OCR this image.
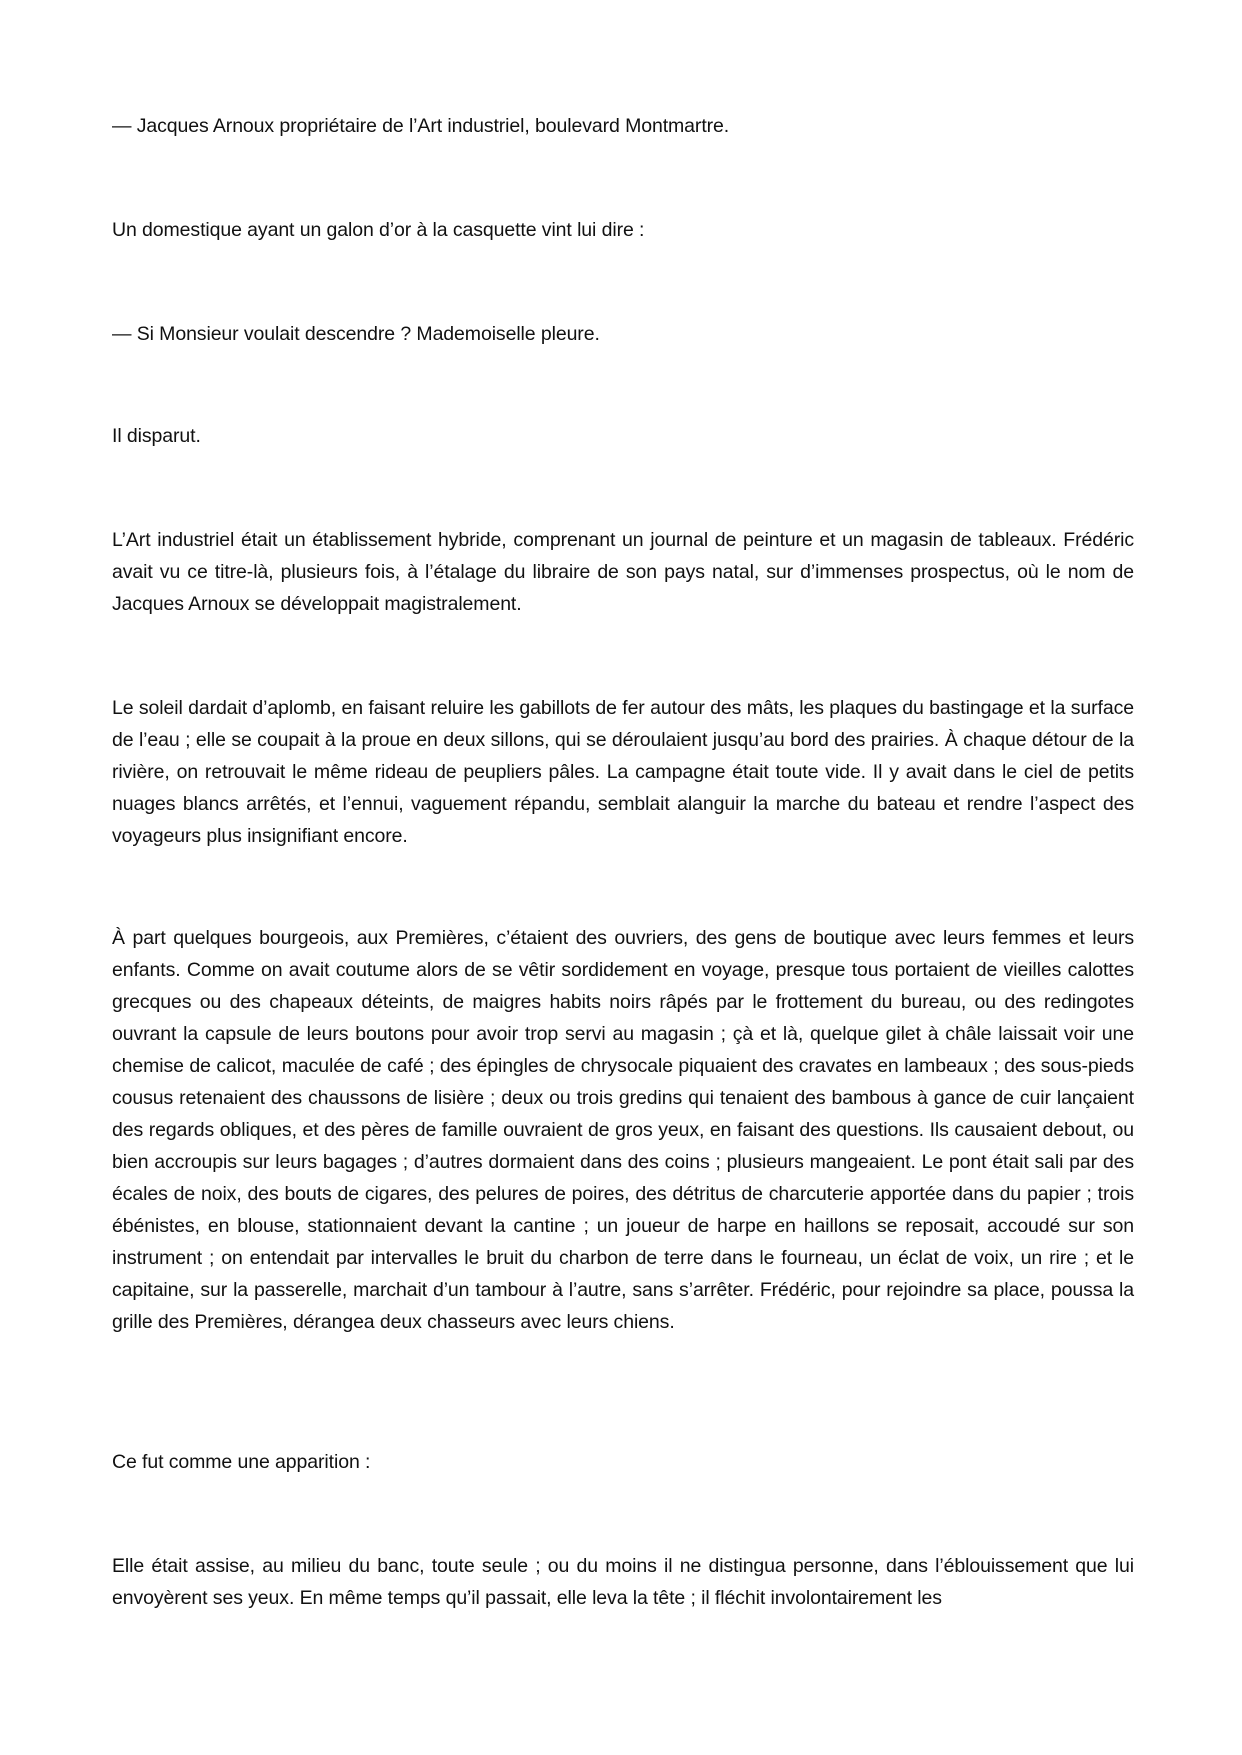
— Jacques Arnoux propriétaire de l’Art industriel, boulevard Montmartre.

Un domestique ayant un galon d’or à la casquette vint lui dire :

— Si Monsieur voulait descendre ? Mademoiselle pleure.

Il disparut.

L’Art industriel était un établissement hybride, comprenant un journal de peinture et un magasin de tableaux. Frédéric avait vu ce titre-là, plusieurs fois, à l’étalage du libraire de son pays natal, sur d’immenses prospectus, où le nom de Jacques Arnoux se développait magistralement.

Le soleil dardait d’aplomb, en faisant reluire les gabillots de fer autour des mâts, les plaques du bastingage et la surface de l’eau ; elle se coupait à la proue en deux sillons, qui se déroulaient jusqu’au bord des prairies. À chaque détour de la rivière, on retrouvait le même rideau de peupliers pâles. La campagne était toute vide. Il y avait dans le ciel de petits nuages blancs arrêtés, et l’ennui, vaguement répandu, semblait alanguir la marche du bateau et rendre l’aspect des voyageurs plus insignifiant encore.

À part quelques bourgeois, aux Premières, c’étaient des ouvriers, des gens de boutique avec leurs femmes et leurs enfants. Comme on avait coutume alors de se vêtir sordidement en voyage, presque tous portaient de vieilles calottes grecques ou des chapeaux déteints, de maigres habits noirs râpés par le frottement du bureau, ou des redingotes ouvrant la capsule de leurs boutons pour avoir trop servi au magasin ; çà et là, quelque gilet à châle laissait voir une chemise de calicot, maculée de café ; des épingles de chrysocale piquaient des cravates en lambeaux ; des sous-pieds cousus retenaient des chaussons de lisière ; deux ou trois gredins qui tenaient des bambous à gance de cuir lançaient des regards obliques, et des pères de famille ouvraient de gros yeux, en faisant des questions. Ils causaient debout, ou bien accroupis sur leurs bagages ; d’autres dormaient dans des coins ; plusieurs mangeaient. Le pont était sali par des écales de noix, des bouts de cigares, des pelures de poires, des détritus de charcuterie apportée dans du papier ; trois ébénistes, en blouse, stationnaient devant la cantine ; un joueur de harpe en haillons se reposait, accoudé sur son instrument ; on entendait par intervalles le bruit du charbon de terre dans le fourneau, un éclat de voix, un rire ; et le capitaine, sur la passerelle, marchait d’un tambour à l’autre, sans s’arrêter. Frédéric, pour rejoindre sa place, poussa la grille des Premières, dérangea deux chasseurs avec leurs chiens.

Ce fut comme une apparition :

Elle était assise, au milieu du banc, toute seule ; ou du moins il ne distingua personne, dans l’éblouissement que lui envoyèrent ses yeux. En même temps qu’il passait, elle leva la tête ; il fléchit involontairement les
